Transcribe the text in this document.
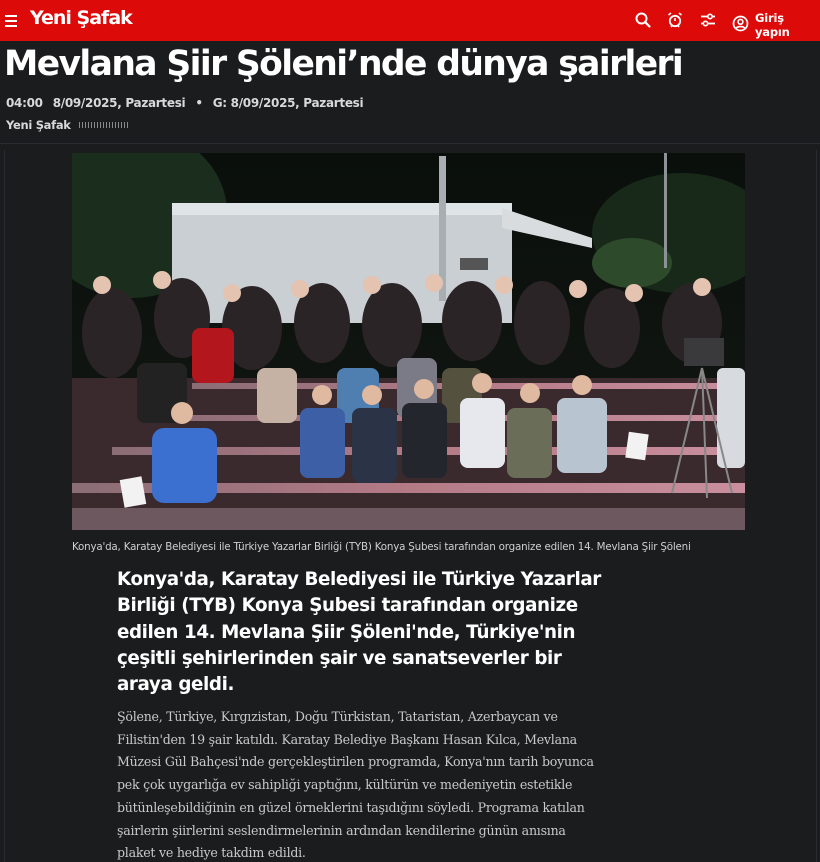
Yeni Şafak	Giriş yapın
Mevlana Şiir Şöleni’nde dünya şairleri
04:00 8/09/2025, Pazartesi • G: 8/09/2025, Pazartesi
Yeni Şafak
Konya'da, Karatay Belediyesi ile Türkiye Yazarlar Birliği (TYB) Konya Şubesi tarafından organize edilen 14. Mevlana Şiir Şöleni

Konya'da, Karatay Belediyesi ile Türkiye Yazarlar Birliği (TYB) Konya Şubesi tarafından organize edilen 14. Mevlana Şiir Şöleni'nde, Türkiye'nin çeşitli şehirlerinden şair ve sanatseverler bir araya geldi.

Şölene, Türkiye, Kırgızistan, Doğu Türkistan, Tataristan, Azerbaycan ve Filistin'den 19 şair katıldı. Karatay Belediye Başkanı Hasan Kılca, Mevlana Müzesi Gül Bahçesi'nde gerçekleştirilen programda, Konya'nın tarih boyunca pek çok uygarlığa ev sahipliği yaptığını, kültürün ve medeniyetin estetikle bütünleşebildiğinin en güzel örneklerini taşıdığını söyledi. Programa katılan şairlerin şiirlerini seslendirmelerinin ardından kendilerine günün anısına plaket ve hediye takdim edildi.
